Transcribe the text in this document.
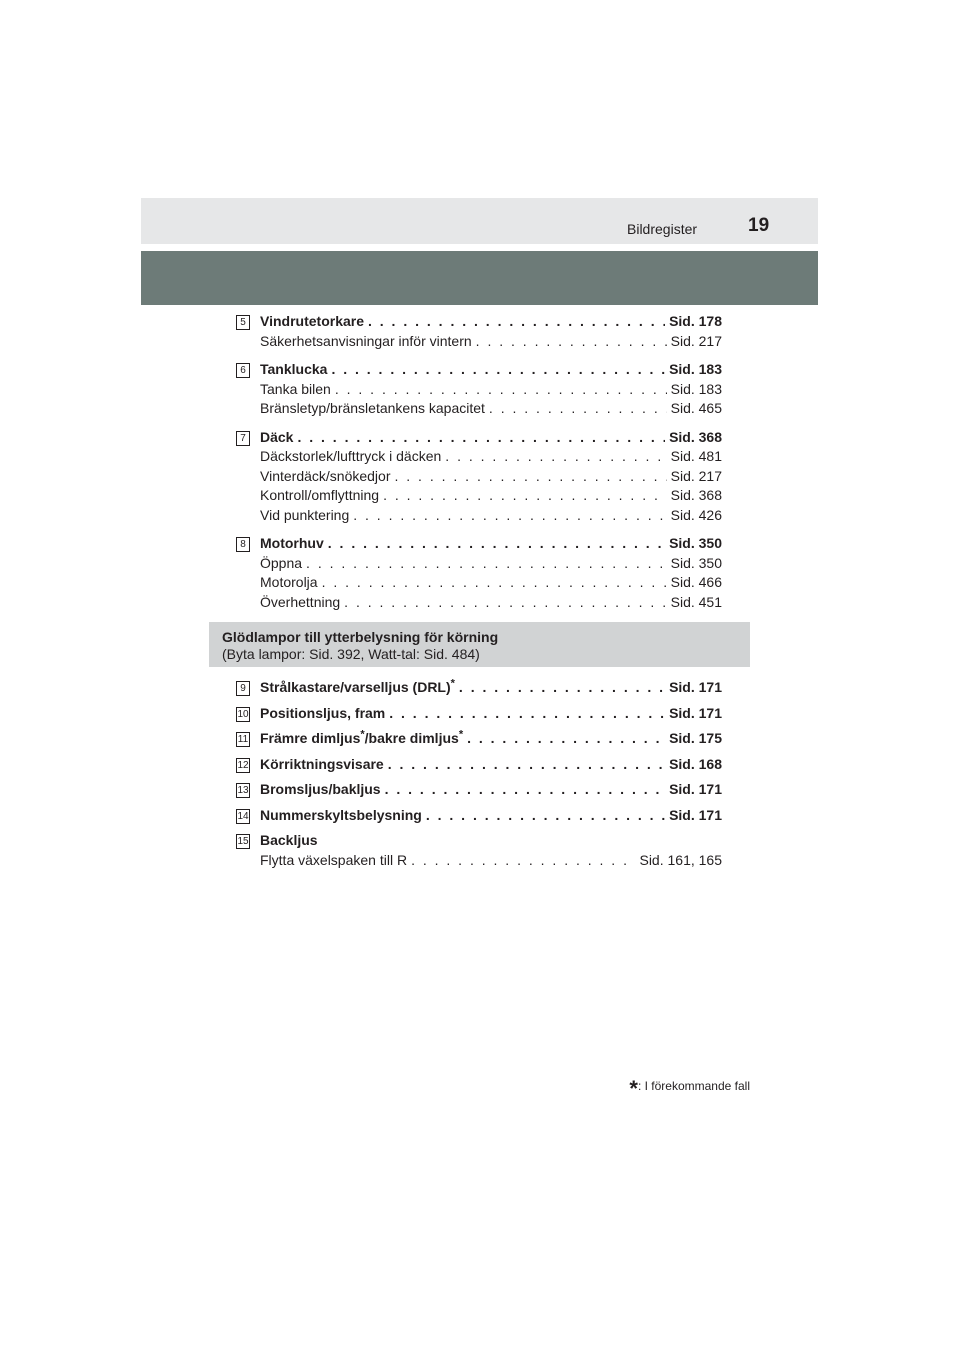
Bildregister	19
5	Vindrutetorkare . . .	Sid. 178
Säkerhetsanvisningar inför vintern . . .	Sid. 217
6	Tanklucka . . .	Sid. 183
Tanka bilen . . .	Sid. 183
Bränsletyp/bränsletankens kapacitet . . .	Sid. 465
7	Däck . . .	Sid. 368
Däckstorlek/lufttryck i däcken . . .	Sid. 481
Vinterdäck/snökedjor . . .	Sid. 217
Kontroll/omflyttning . . .	Sid. 368
Vid punktering . . .	Sid. 426
8	Motorhuv . . .	Sid. 350
Öppna . . .	Sid. 350
Motorolja . . .	Sid. 466
Överhettning . . .	Sid. 451
Glödlampor till ytterbelysning för körning
(Byta lampor: Sid. 392, Watt-tal: Sid. 484)
9	Strålkastare/varselljus (DRL)* . . .	Sid. 171
10 Positionsljus, fram . . .	Sid. 171
11 Främre dimljus*/bakre dimljus* . . .	Sid. 175
12 Körriktningsvisare . . .	Sid. 168
13 Bromsljus/bakljus . . .	Sid. 171
14 Nummerskyltsbelysning . . .	Sid. 171
15 Backljus
Flytta växelspaken till R . . .	Sid. 161, 165
*: I förekommande fall
